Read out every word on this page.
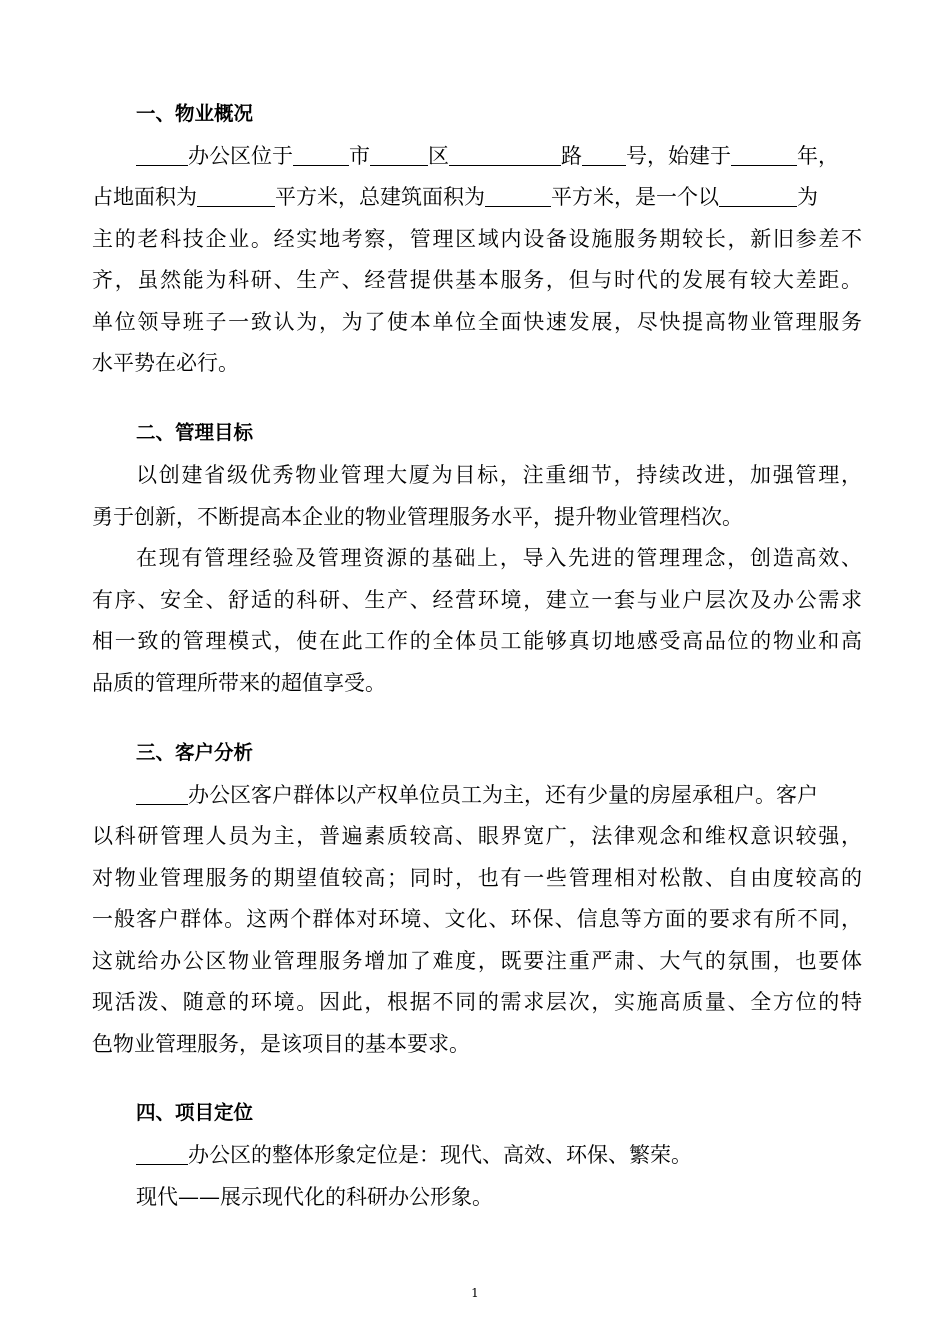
一、物业概况

办公区位于	市	区	路 号，始建于	年，

占地面积为	平方米，总建筑面积为	平方米，是一个以	为

主的老科技企业。经实地考察，管理区域内设备设施服务期较长，新旧参差不

齐，虽然能为科研、生产、经营提供基本服务，但与时代的发展有较大差距。

单位领导班子一致认为，为了使本单位全面快速发展，尽快提高物业管理服务

水平势在必行。

二、管理目标

以创建省级优秀物业管理大厦为目标，注重细节，持续改进，加强管理，

勇于创新，不断提高本企业的物业管理服务水平，提升物业管理档次。

在现有管理经验及管理资源的基础上，导入先进的管理理念，创造高效、

有序、安全、舒适的科研、生产、经营环境，建立一套与业户层次及办公需求

相一致的管理模式，使在此工作的全体员工能够真切地感受高品位的物业和高

品质的管理所带来的超值享受。

三、客户分析

办公区客户群体以产权单位员工为主，还有少量的房屋承租户。客户

以科研管理人员为主，普遍素质较高、眼界宽广，法律观念和维权意识较强，

对物业管理服务的期望值较高；同时，也有一些管理相对松散、自由度较高的

一般客户群体。这两个群体对环境、文化、环保、信息等方面的要求有所不同，

这就给办公区物业管理服务增加了难度，既要注重严肃、大气的氛围，也要体

现活泼、随意的环境。因此，根据不同的需求层次，实施高质量、全方位的特

色物业管理服务，是该项目的基本要求。

四、项目定位

办公区的整体形象定位是：现代、高效、环保、繁荣。

现代——展示现代化的科研办公形象。

1
